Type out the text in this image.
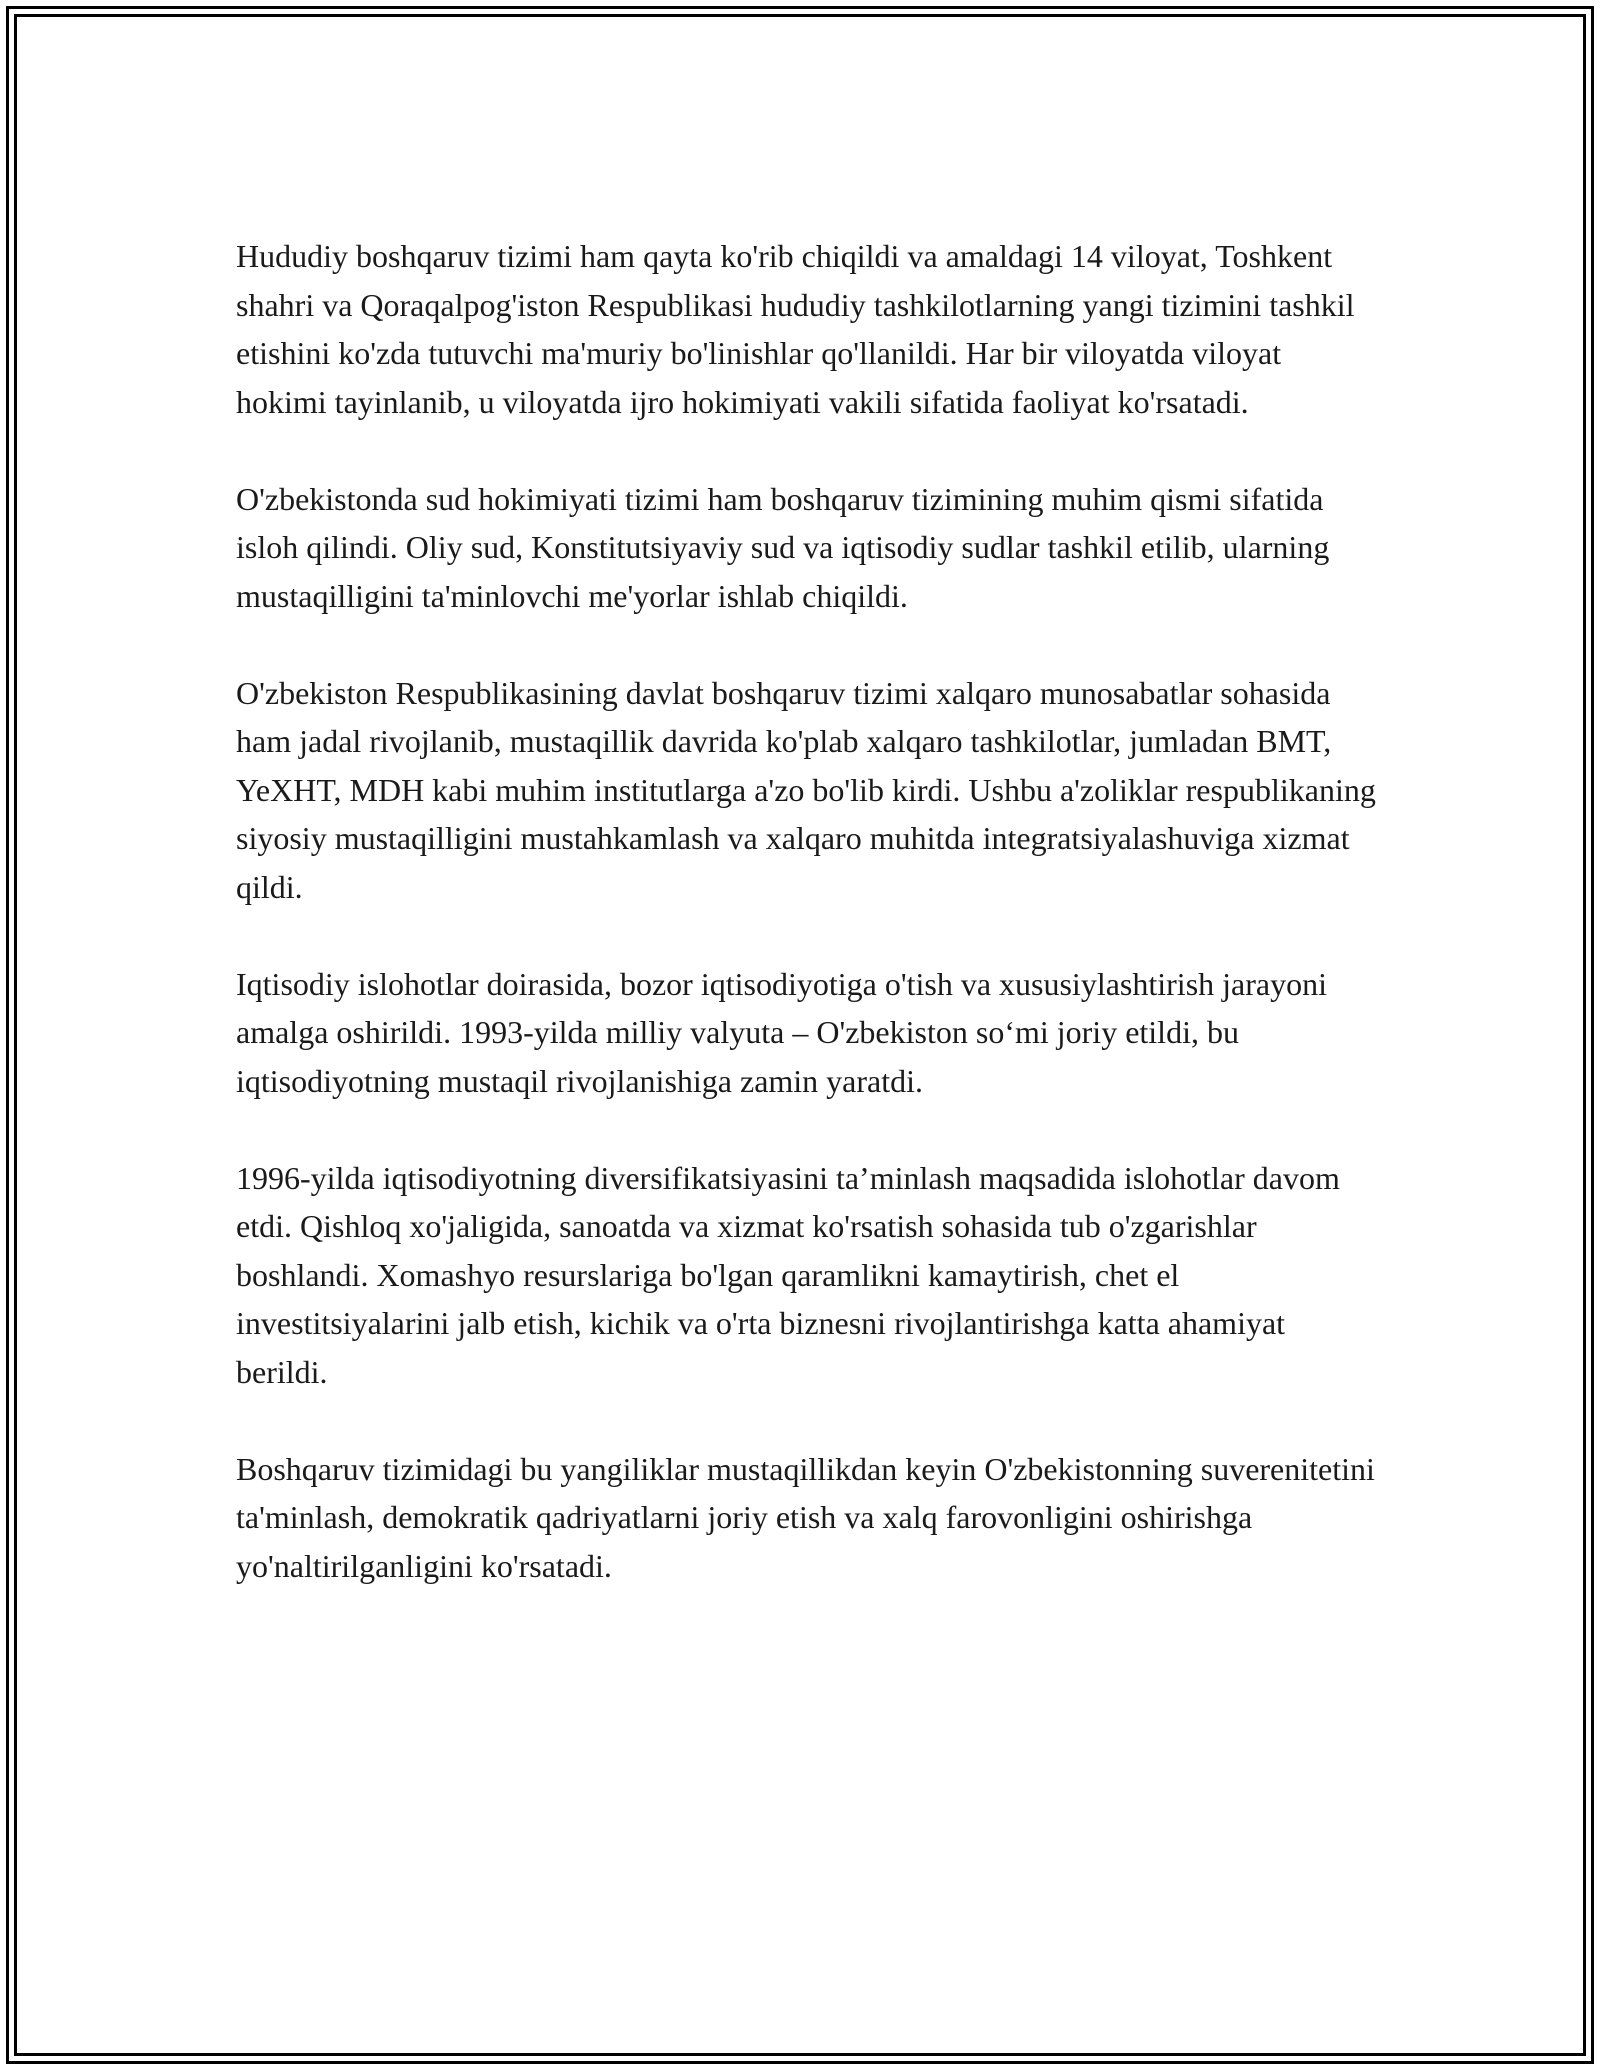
Hududiy boshqaruv tizimi ham qayta ko'rib chiqildi va amaldagi 14 viloyat, Toshkent shahri va Qoraqalpog'iston Respublikasi hududiy tashkilotlarning yangi tizimini tashkil etishini ko'zda tutuvchi ma'muriy bo'linishlar qo'llanildi. Har bir viloyatda viloyat hokimi tayinlanib, u viloyatda ijro hokimiyati vakili sifatida faoliyat ko'rsatadi.

O'zbekistonda sud hokimiyati tizimi ham boshqaruv tizimining muhim qismi sifatida isloh qilindi. Oliy sud, Konstitutsiyaviy sud va iqtisodiy sudlar tashkil etilib, ularning mustaqilligini ta'minlovchi me'yorlar ishlab chiqildi.

O'zbekiston Respublikasining davlat boshqaruv tizimi xalqaro munosabatlar sohasida ham jadal rivojlanib, mustaqillik davrida ko'plab xalqaro tashkilotlar, jumladan BMT, YeXHT, MDH kabi muhim institutlarga a'zo bo'lib kirdi. Ushbu a'zoliklar respublikaning siyosiy mustaqilligini mustahkamlash va xalqaro muhitda integratsiyalashuviga xizmat qildi.

Iqtisodiy islohotlar doirasida, bozor iqtisodiyotiga o'tish va xususiylashtirish jarayoni amalga oshirildi. 1993-yilda milliy valyuta – O'zbekiston so‘mi joriy etildi, bu iqtisodiyotning mustaqil rivojlanishiga zamin yaratdi.

1996-yilda iqtisodiyotning diversifikatsiyasini ta’minlash maqsadida islohotlar davom etdi. Qishloq xo'jaligida, sanoatda va xizmat ko'rsatish sohasida tub o'zgarishlar boshlandi. Xomashyo resurslariga bo'lgan qaramlikni kamaytirish, chet el investitsiyalarini jalb etish, kichik va o'rta biznesni rivojlantirishga katta ahamiyat berildi.

Boshqaruv tizimidagi bu yangiliklar mustaqillikdan keyin O'zbekistonning suverenitetini ta'minlash, demokratik qadriyatlarni joriy etish va xalq farovonligini oshirishga yo'naltirilganligini ko'rsatadi.
